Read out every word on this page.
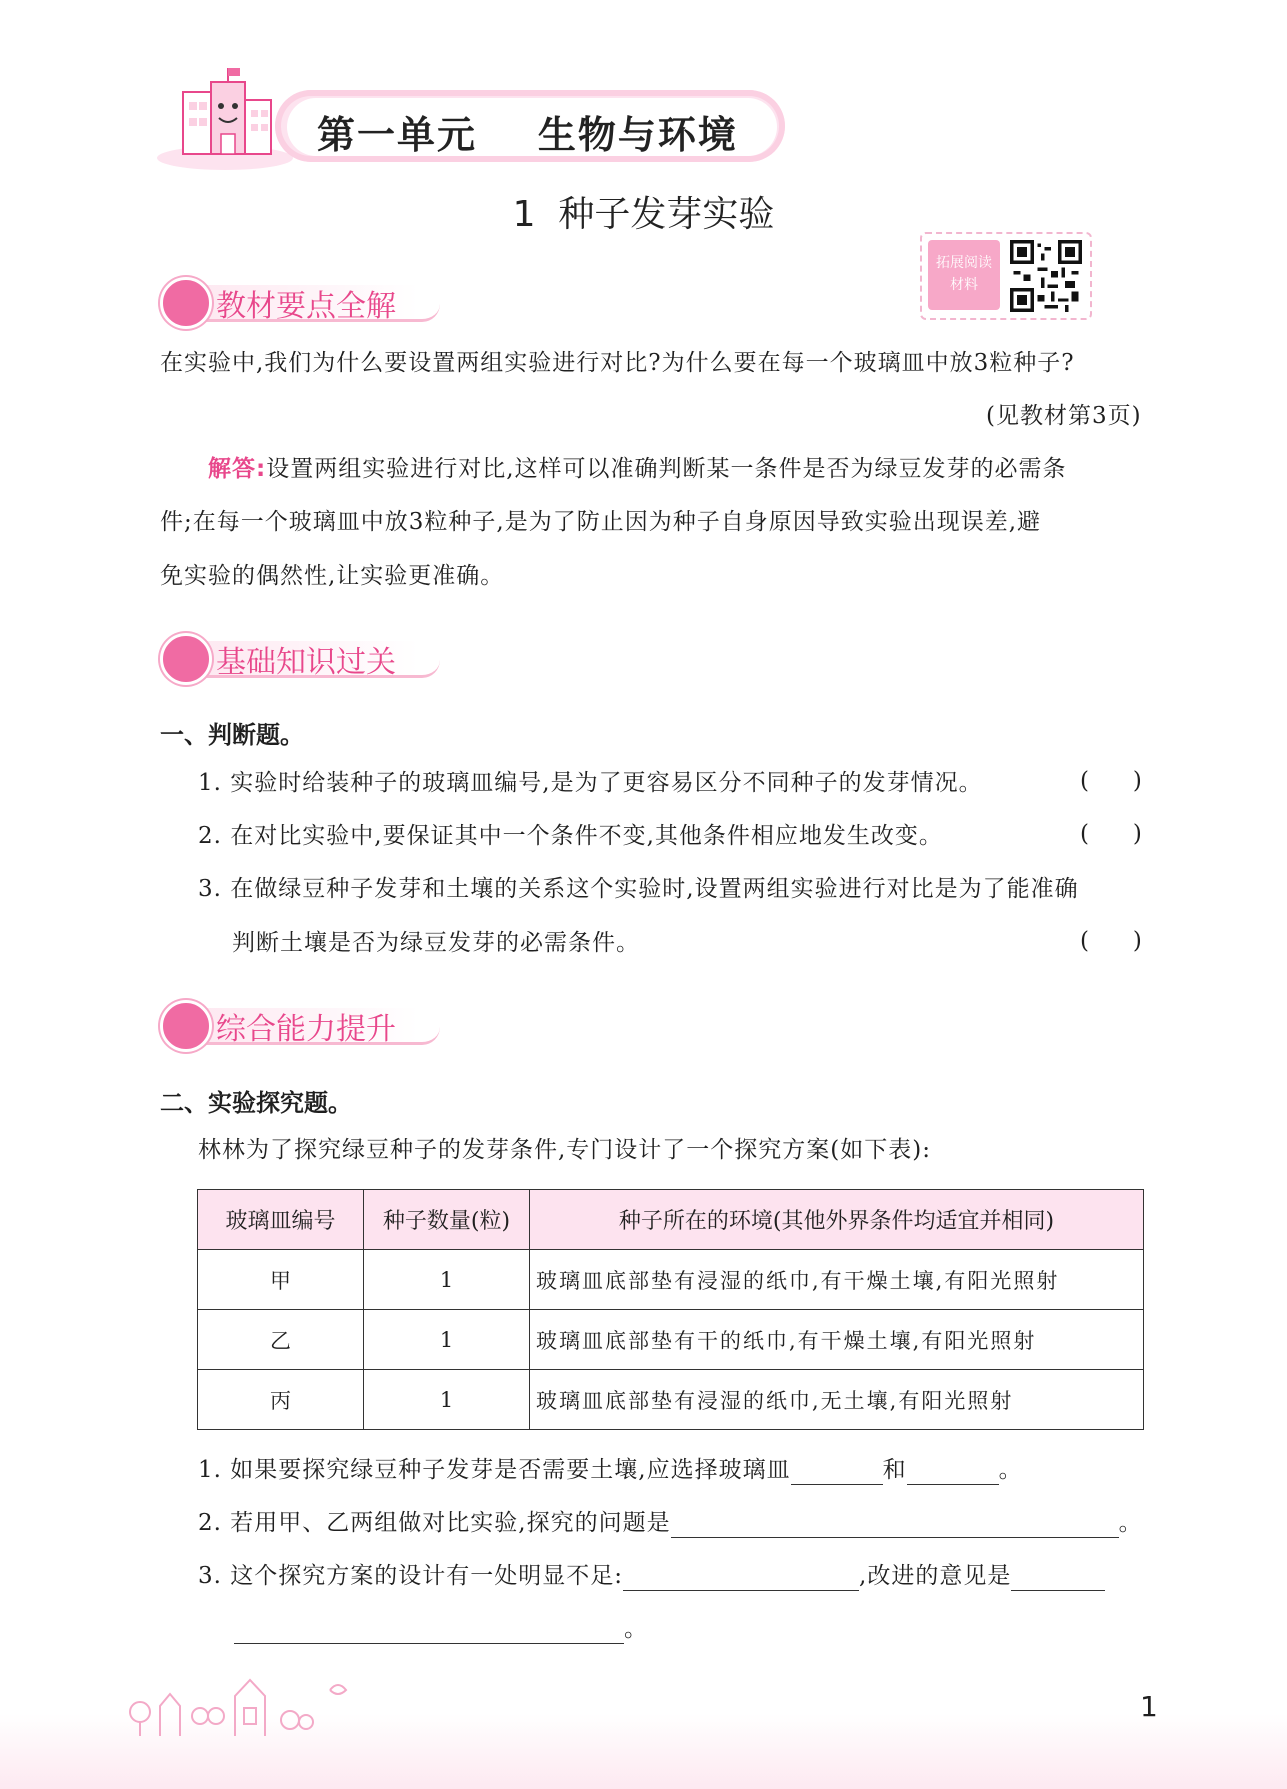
第一单元    生物与环境
1  种子发芽实验
拓展阅读
材料
教材要点全解
在实验中,我们为什么要设置两组实验进行对比?为什么要在每一个玻璃皿中放3粒种子?
(见教材第3页)
解答:设置两组实验进行对比,这样可以准确判断某一条件是否为绿豆发芽的必需条
件;在每一个玻璃皿中放3粒种子,是为了防止因为种子自身原因导致实验出现误差,避
免实验的偶然性,让实验更准确。
基础知识过关
一、判断题。
1. 实验时给装种子的玻璃皿编号,是为了更容易区分不同种子的发芽情况。	(      )
2. 在对比实验中,要保证其中一个条件不变,其他条件相应地发生改变。	(      )
3. 在做绿豆种子发芽和土壤的关系这个实验时,设置两组实验进行对比是为了能准确
判断土壤是否为绿豆发芽的必需条件。	(      )
综合能力提升
二、实验探究题。
林林为了探究绿豆种子的发芽条件,专门设计了一个探究方案(如下表):
玻璃皿编号	种子数量(粒)	种子所在的环境(其他外界条件均适宜并相同)
甲	1	玻璃皿底部垫有浸湿的纸巾,有干燥土壤,有阳光照射
乙	1	玻璃皿底部垫有干的纸巾,有干燥土壤,有阳光照射
丙	1	玻璃皿底部垫有浸湿的纸巾,无土壤,有阳光照射
1. 如果要探究绿豆种子发芽是否需要土壤,应选择玻璃皿	和	。
2. 若用甲、乙两组做对比实验,探究的问题是	。
3. 这个探究方案的设计有一处明显不足:	,改进的意见是
。
1
